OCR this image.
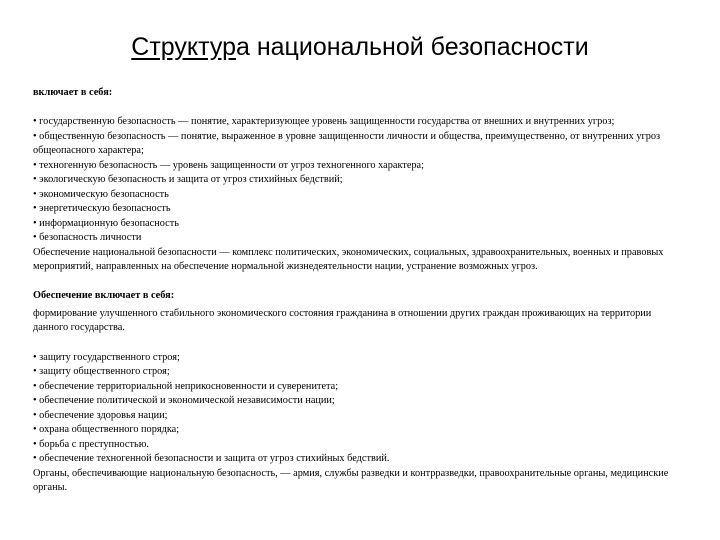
Структура национальной безопасности

включает в себя:

• государственную безопасность — понятие, характеризующее уровень защищенности государства от внешних и внутренних угроз;

• общественную безопасность — понятие, выраженное в уровне защищенности личности и общества, преимущественно, от внутренних угроз общеопасного характера;

• техногенную безопасность — уровень защищенности от угроз техногенного характера;

• экологическую безопасность и защита от угроз стихийных бедствий;

• экономическую безопасность

• энергетическую безопасность

• информационную безопасность

• безопасность личности

Обеспечение национальной безопасности — комплекс политических, экономических, социальных, здравоохранительных, военных и правовых мероприятий, направленных на обеспечение нормальной жизнедеятельности нации, устранение возможных угроз.

Обеспечение включает в себя:

формирование улучшенного стабильного экономического состояния гражданина в отношении других граждан проживающих на территории данного государства.

• защиту государственного строя;

• защиту общественного строя;

• обеспечение территориальной неприкосновенности и суверенитета;

• обеспечение политической и экономической независимости нации;

• обеспечение здоровья нации;

• охрана общественного порядка;

• борьба с преступностью.

• обеспечение техногенной безопасности и защита от угроз стихийных бедствий.

Органы, обеспечивающие национальную безопасность, — армия, службы разведки и контрразведки, правоохранительные органы, медицинские органы.
